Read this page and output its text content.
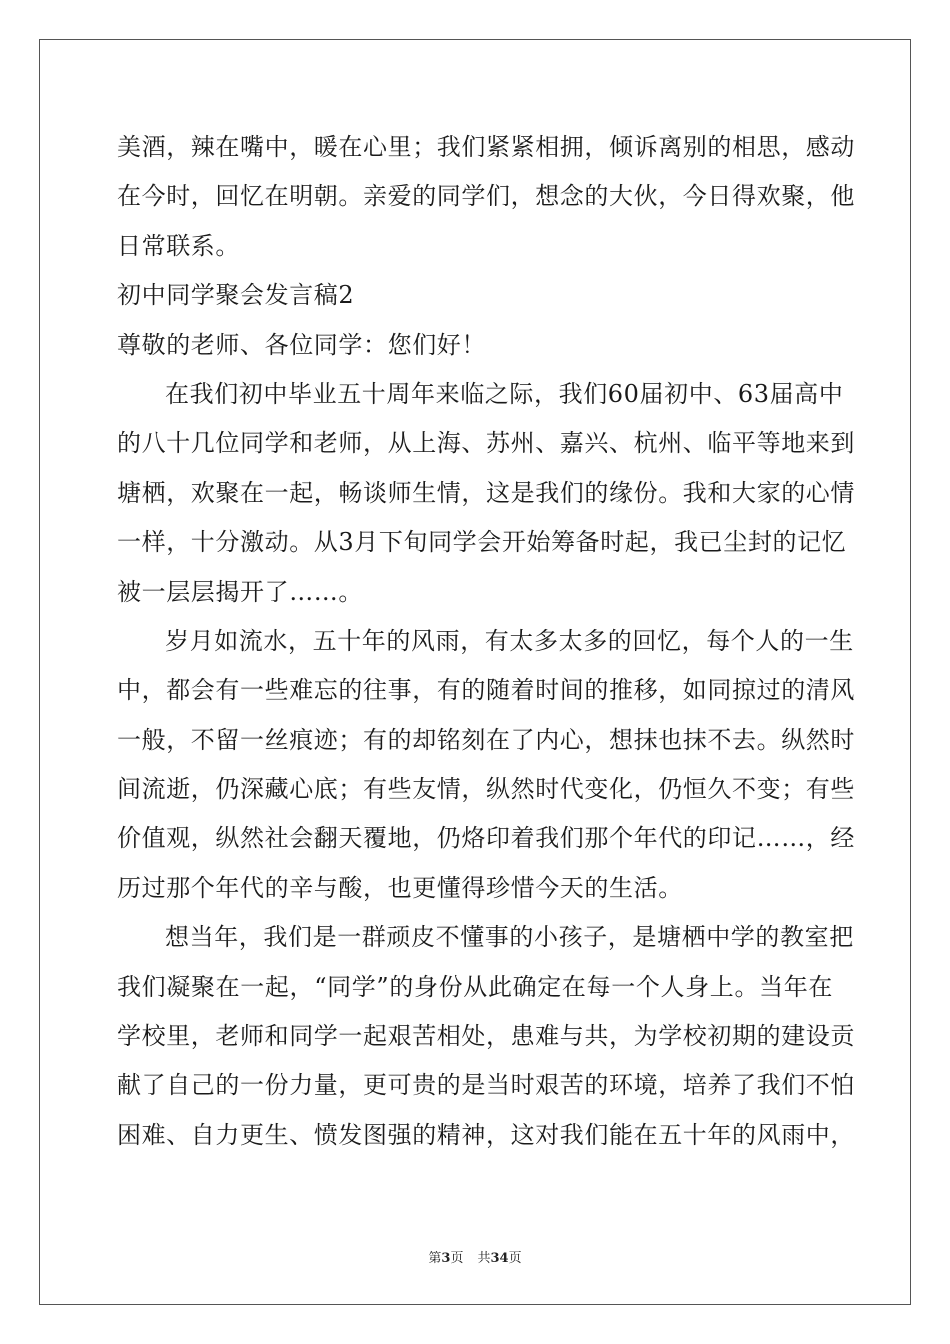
美酒，辣在嘴中，暖在心里；我们紧紧相拥，倾诉离别的相思，感动
在今时，回忆在明朝。亲爱的同学们，想念的大伙，今日得欢聚，他
日常联系。
初中同学聚会发言稿2
尊敬的老师、各位同学：您们好！
在我们初中毕业五十周年来临之际，我们60届初中、63届高中
的八十几位同学和老师，从上海、苏州、嘉兴、杭州、临平等地来到
塘栖，欢聚在一起，畅谈师生情，这是我们的缘份。我和大家的心情
一样，十分激动。从3月下旬同学会开始筹备时起，我已尘封的记忆
被一层层揭开了……。
岁月如流水，五十年的风雨，有太多太多的回忆，每个人的一生
中，都会有一些难忘的往事，有的随着时间的推移，如同掠过的清风
一般，不留一丝痕迹；有的却铭刻在了内心，想抹也抹不去。纵然时
间流逝，仍深藏心底；有些友情，纵然时代变化，仍恒久不变；有些
价值观，纵然社会翻天覆地，仍烙印着我们那个年代的印记……，经
历过那个年代的辛与酸，也更懂得珍惜今天的生活。
想当年，我们是一群顽皮不懂事的小孩子，是塘栖中学的教室把
我们凝聚在一起，“同学”的身份从此确定在每一个人身上。当年在
学校里，老师和同学一起艰苦相处，患难与共，为学校初期的建设贡
献了自己的一份力量，更可贵的是当时艰苦的环境，培养了我们不怕
困难、自力更生、愤发图强的精神，这对我们能在五十年的风雨中，
第3页 共34页
